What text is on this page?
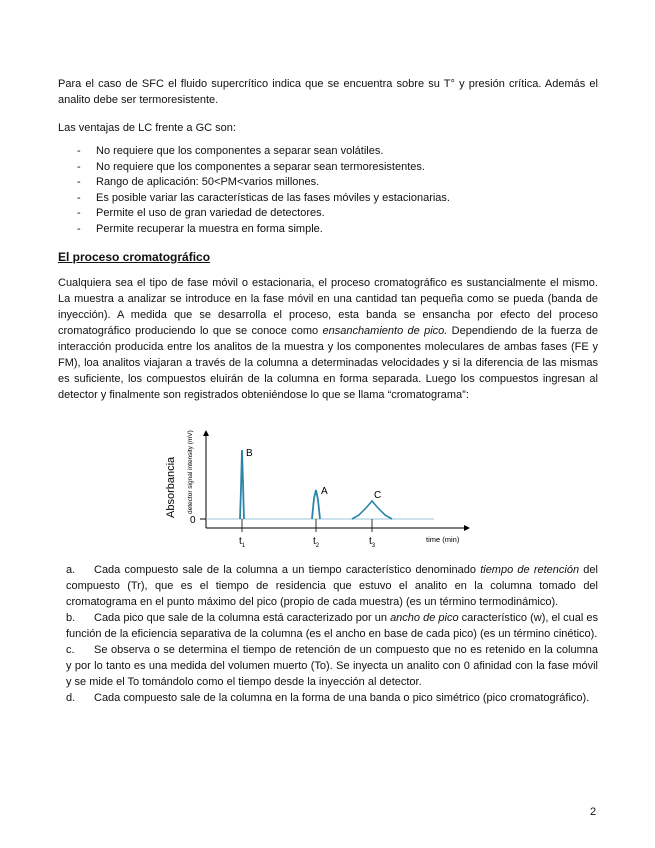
Para el caso de SFC el fluido supercrítico indica que se encuentra sobre su T° y presión crítica. Además el analito debe ser termoresistente.

Las ventajas de LC frente a GC son:

- No requiere que los componentes a separar sean volátiles.
- No requiere que los componentes a separar sean termoresistentes.
- Rango de aplicación: 50<PM<varios millones.
- Es posible variar las características de las fases móviles y estacionarias.
- Permite el uso de gran variedad de detectores.
- Permite recuperar la muestra en forma simple.
El proceso cromatográfico

Cualquiera sea el tipo de fase móvil o estacionaria, el proceso cromatográfico es sustancialmente el mismo. La muestra a analizar se introduce en la fase móvil en una cantidad tan pequeña como se pueda (banda de inyección). A medida que se desarrolla el proceso, esta banda se ensancha por efecto del proceso cromatográfico produciendo lo que se conoce como ensanchamiento de pico. Dependiendo de la fuerza de interacción producida entre los analitos de la muestra y los componentes moleculares de ambas fases (FE y FM), loa analitos viajaran a través de la columna a determinadas velocidades y si la diferencia de las mismas es suficiente, los compuestos eluirán de la columna en forma separada. Luego los compuestos ingresan al detector y finalmente son registrados obteniéndose lo que se llama “cromatograma”:

B
A	C
0
Absorbancia detector signal intensity (mV)
$t_1$	$t_2$	$t_3$
time (min)
a. Cada compuesto sale de la columna a un tiempo característico denominado tiempo de retención del compuesto (Tr), que es el tiempo de residencia que estuvo el analito en la columna tomado del cromatograma en el punto máximo del pico (propio de cada muestra) (es un término termodinámico).
b. Cada pico que sale de la columna está caracterizado por un ancho de pico característico (w), el cual es función de la eficiencia separativa de la columna (es el ancho en base de cada pico) (es un término cinético).
c. Se observa o se determina el tiempo de retención de un compuesto que no es retenido en la columna y por lo tanto es una medida del volumen muerto (To). Se inyecta un analito con 0 afinidad con la fase móvil y se mide el To tomándolo como el tiempo desde la inyección al detector.
d. Cada compuesto sale de la columna en la forma de una banda o pico simétrico (pico cromatográfico).
2
